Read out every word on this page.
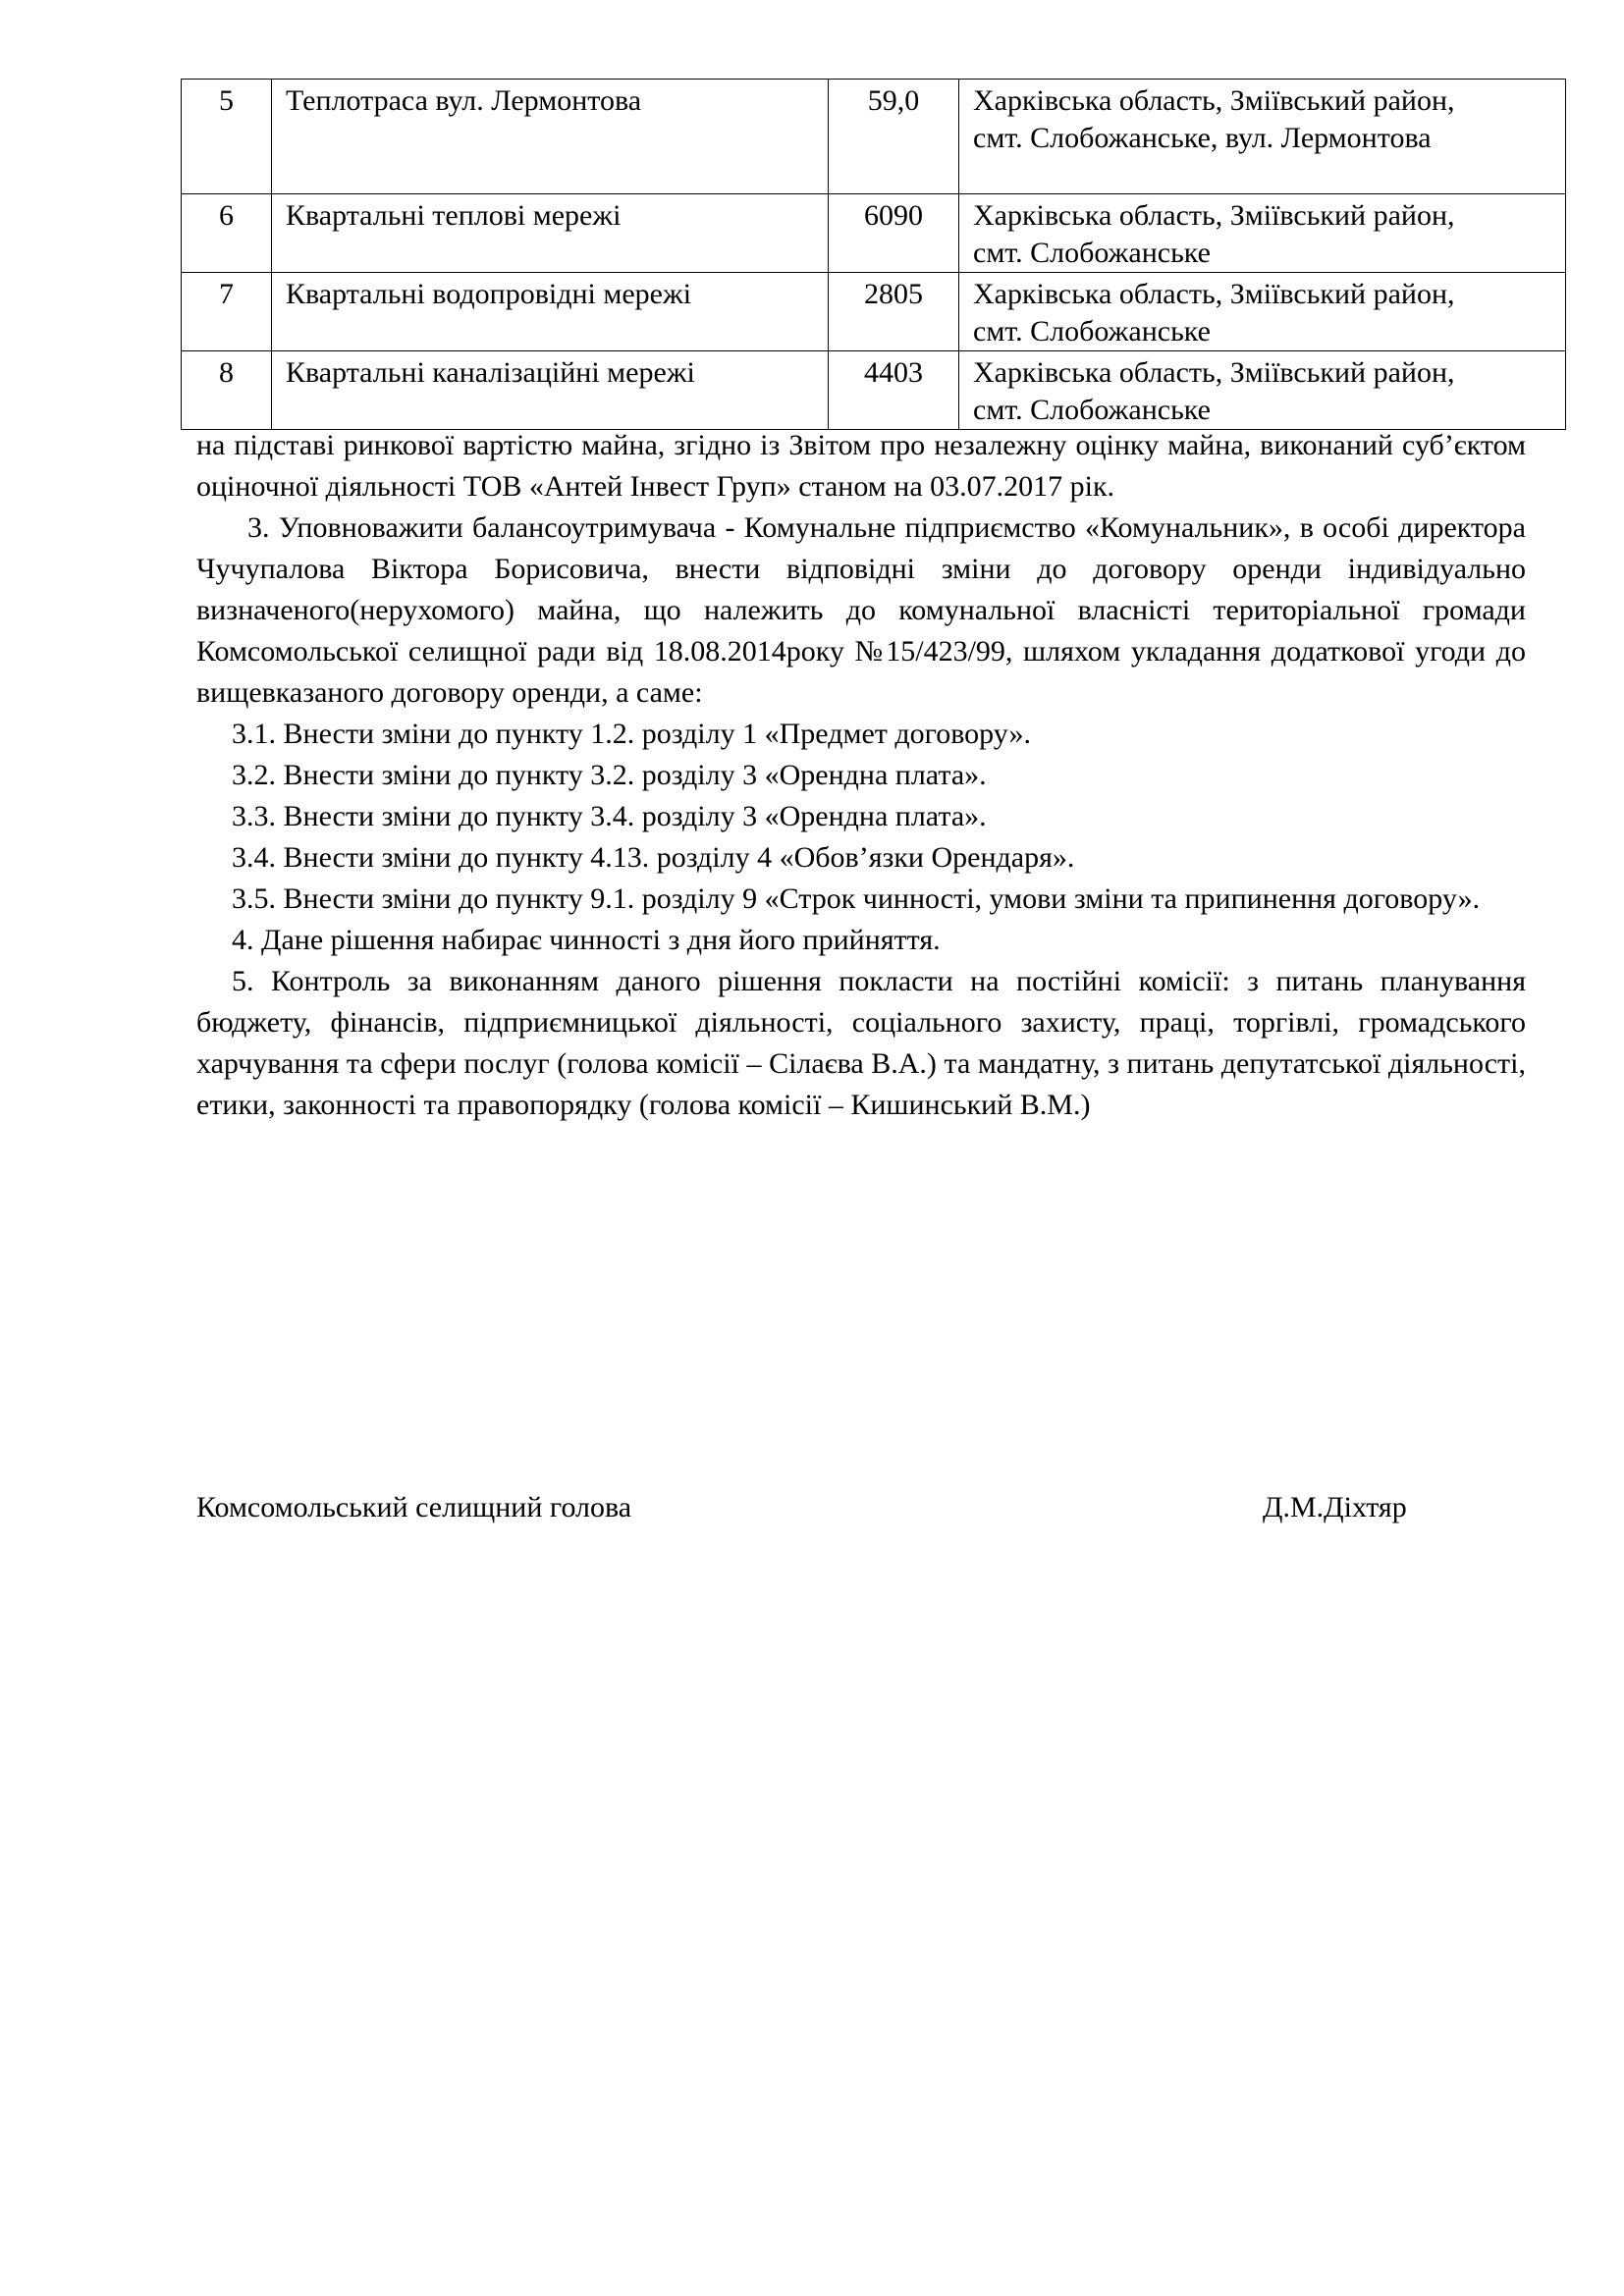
5	Теплотраса вул. Лермонтова	59,0	Харківська область, Зміївський район,
смт. Слобожанське, вул. Лермонтова

6	Квартальні теплові мережі	6090	Харківська область, Зміївський район,
смт. Слобожанське

7	Квартальні водопровідні мережі	2805	Харківська область, Зміївський район,
смт. Слобожанське

8	Квартальні каналізаційні мережі	4403	Харківська область, Зміївський район,
смт. Слобожанське

на підставі ринкової вартістю майна, згідно із Звітом про незалежну оцінку майна, виконаний суб’єктом оціночної діяльності ТОВ «Антей Інвест Груп» станом на 03.07.2017 рік.

3. Уповноважити балансоутримувача - Комунальне підприємство «Комунальник», в особі директора Чучупалова Віктора Борисовича, внести відповідні зміни до договору оренди індивідуально визначеного(нерухомого) майна, що належить до комунальної власністі територіальної громади Комсомольської селищної ради від 18.08.2014року №15/423/99, шляхом укладання додаткової угоди до вищевказаного договору оренди, а саме:

3.1. Внести зміни до пункту 1.2. розділу 1 «Предмет договору».

3.2. Внести зміни до пункту 3.2. розділу 3 «Орендна плата».

3.3. Внести зміни до пункту 3.4. розділу 3 «Орендна плата».

3.4. Внести зміни до пункту 4.13. розділу 4 «Обов’язки Орендаря».

3.5. Внести зміни до пункту 9.1. розділу 9 «Строк чинності, умови зміни та припинення договору».

4. Дане рішення набирає чинності з дня його прийняття.

5. Контроль за виконанням даного рішення покласти на постійні комісії: з питань планування бюджету, фінансів, підприємницької діяльності, соціального захисту, праці, торгівлі, громадського харчування та сфери послуг (голова комісії – Сілаєва В.А.) та мандатну, з питань депутатської діяльності, етики, законності та правопорядку (голова комісії – Кишинський В.М.)

Комсомольський селищний голова	Д.М.Діхтяр
